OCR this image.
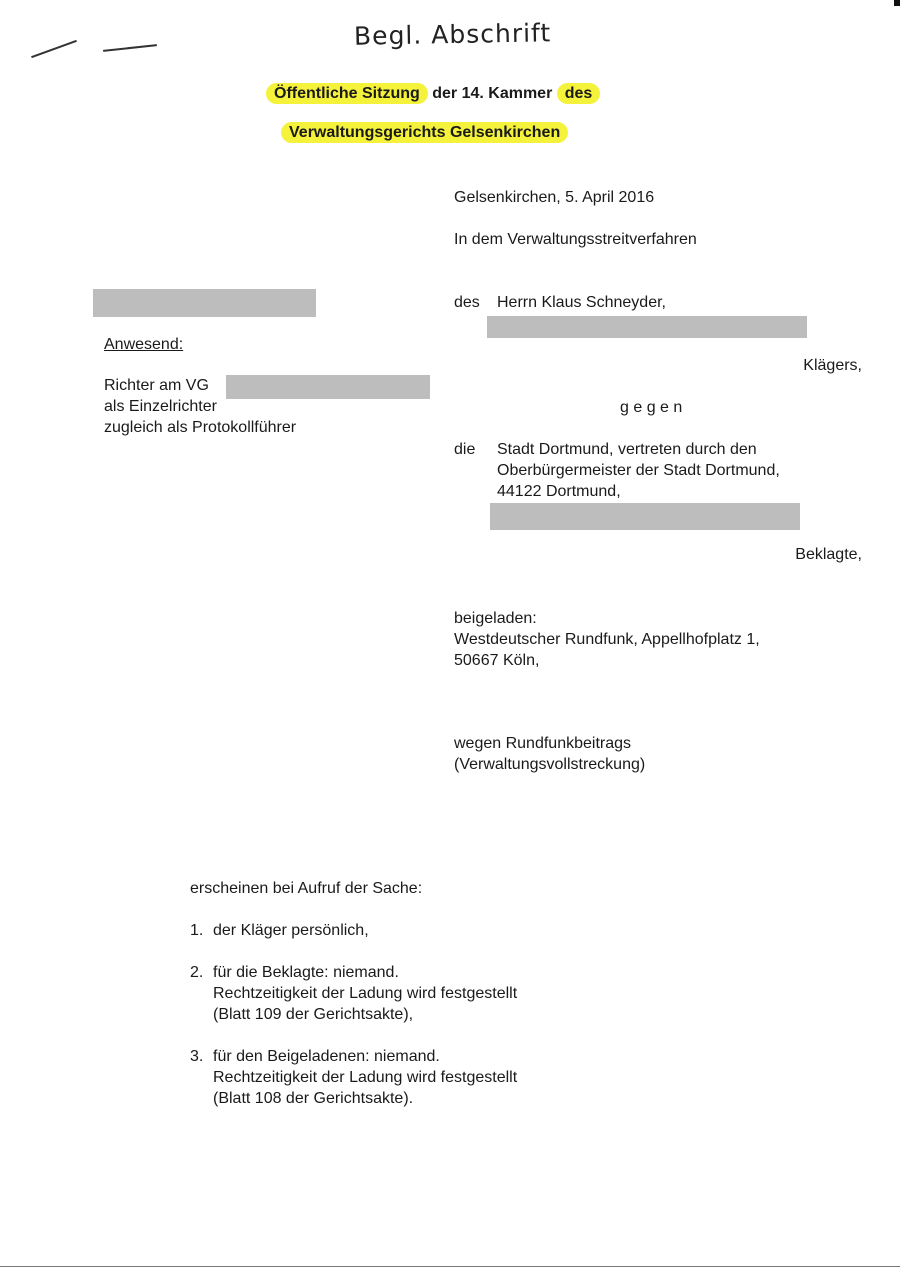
Begl. Abschrift
Öffentliche Sitzung der 14. Kammer des
Verwaltungsgerichts Gelsenkirchen
Gelsenkirchen, 5. April 2016
In dem Verwaltungsstreitverfahren
des Herrn Klaus Schneyder,
Klägers,
g e g e n
die Stadt Dortmund, vertreten durch den
Oberbürgermeister der Stadt Dortmund,
44122 Dortmund,
Beklagte,
beigeladen:
Westdeutscher Rundfunk, Appellhofplatz 1,
50667 Köln,
wegen Rundfunkbeitrags
(Verwaltungsvollstreckung)
Anwesend:
Richter am VG
als Einzelrichter
zugleich als Protokollführer
erscheinen bei Aufruf der Sache:
1. der Kläger persönlich,
2. für die Beklagte: niemand.
Rechtzeitigkeit der Ladung wird festgestellt
(Blatt 109 der Gerichtsakte),
3. für den Beigeladenen: niemand.
Rechtzeitigkeit der Ladung wird festgestellt
(Blatt 108 der Gerichtsakte).
